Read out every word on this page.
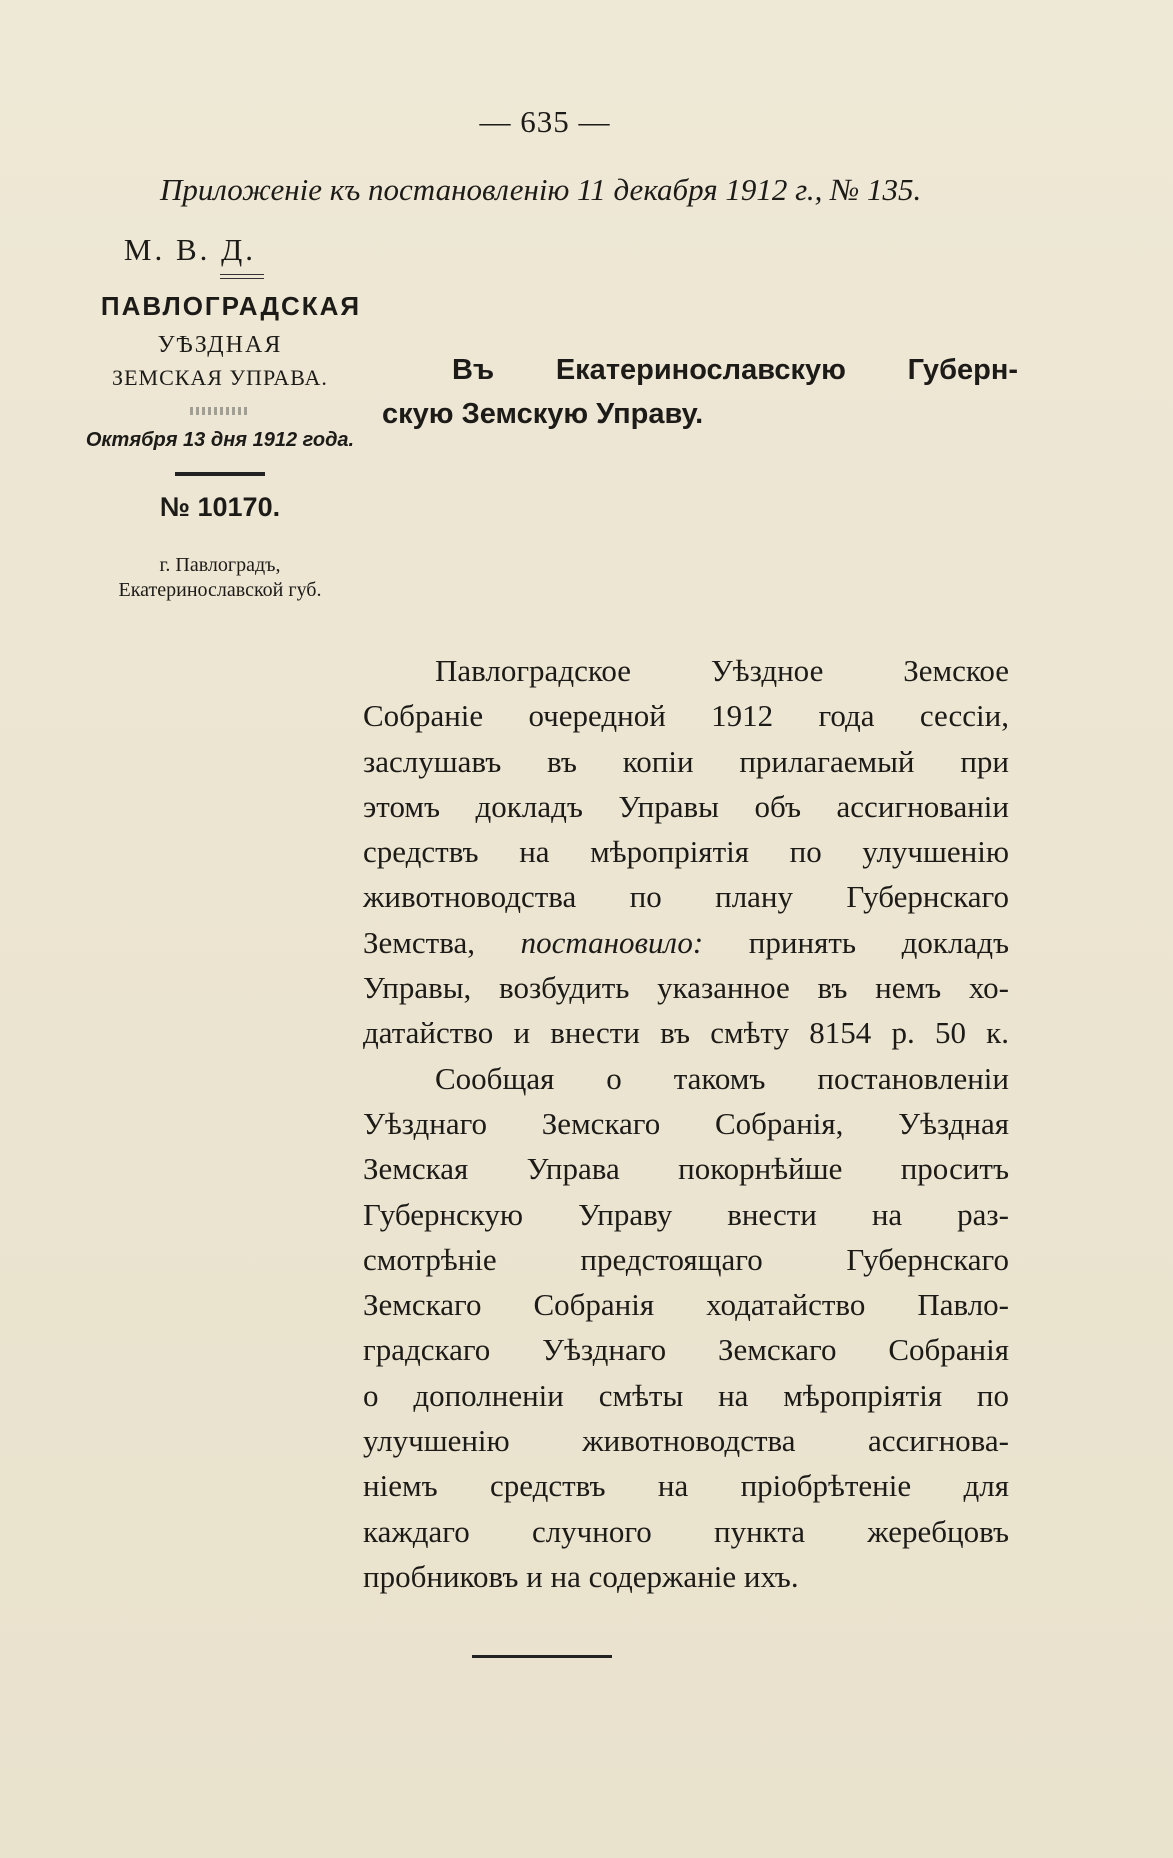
— 635 —
Приложеніе къ постановленію 11 декабря 1912 г., № 135.
М. В. Д.
ПАВЛОГРАДСКАЯ
УѢЗДНАЯ
ЗЕМСКАЯ УПРАВА.
Октября 13 дня 1912 года.
№ 10170.
г. Павлоградъ,
Екатеринославской губ.
Въ Екатеринославскую Губерн-
скую Земскую Управу.
Павлоградское Уѣздное Земское
Собраніе очередной 1912 года сессіи,
заслушавъ въ копіи прилагаемый при
этомъ докладъ Управы объ ассигнованіи
средствъ на мѣропріятія по улучшенію
животноводства по плану Губернскаго
Земства, постановило: принять докладъ
Управы, возбудить указанное въ немъ хо-
датайство и внести въ смѣту 8154 р. 50 к.
Сообщая о такомъ постановленіи
Уѣзднаго Земскаго Собранія, Уѣздная
Земская Управа покорнѣйше проситъ
Губернскую Управу внести на раз-
смотрѣніе предстоящаго Губернскаго
Земскаго Собранія ходатайство Павло-
градскаго Уѣзднаго Земскаго Собранія
о дополненіи смѣты на мѣропріятія по
улучшенію животноводства ассигнова-
ніемъ средствъ на пріобрѣтеніе для
каждаго случного пункта жеребцовъ
пробниковъ и на содержаніе ихъ.
